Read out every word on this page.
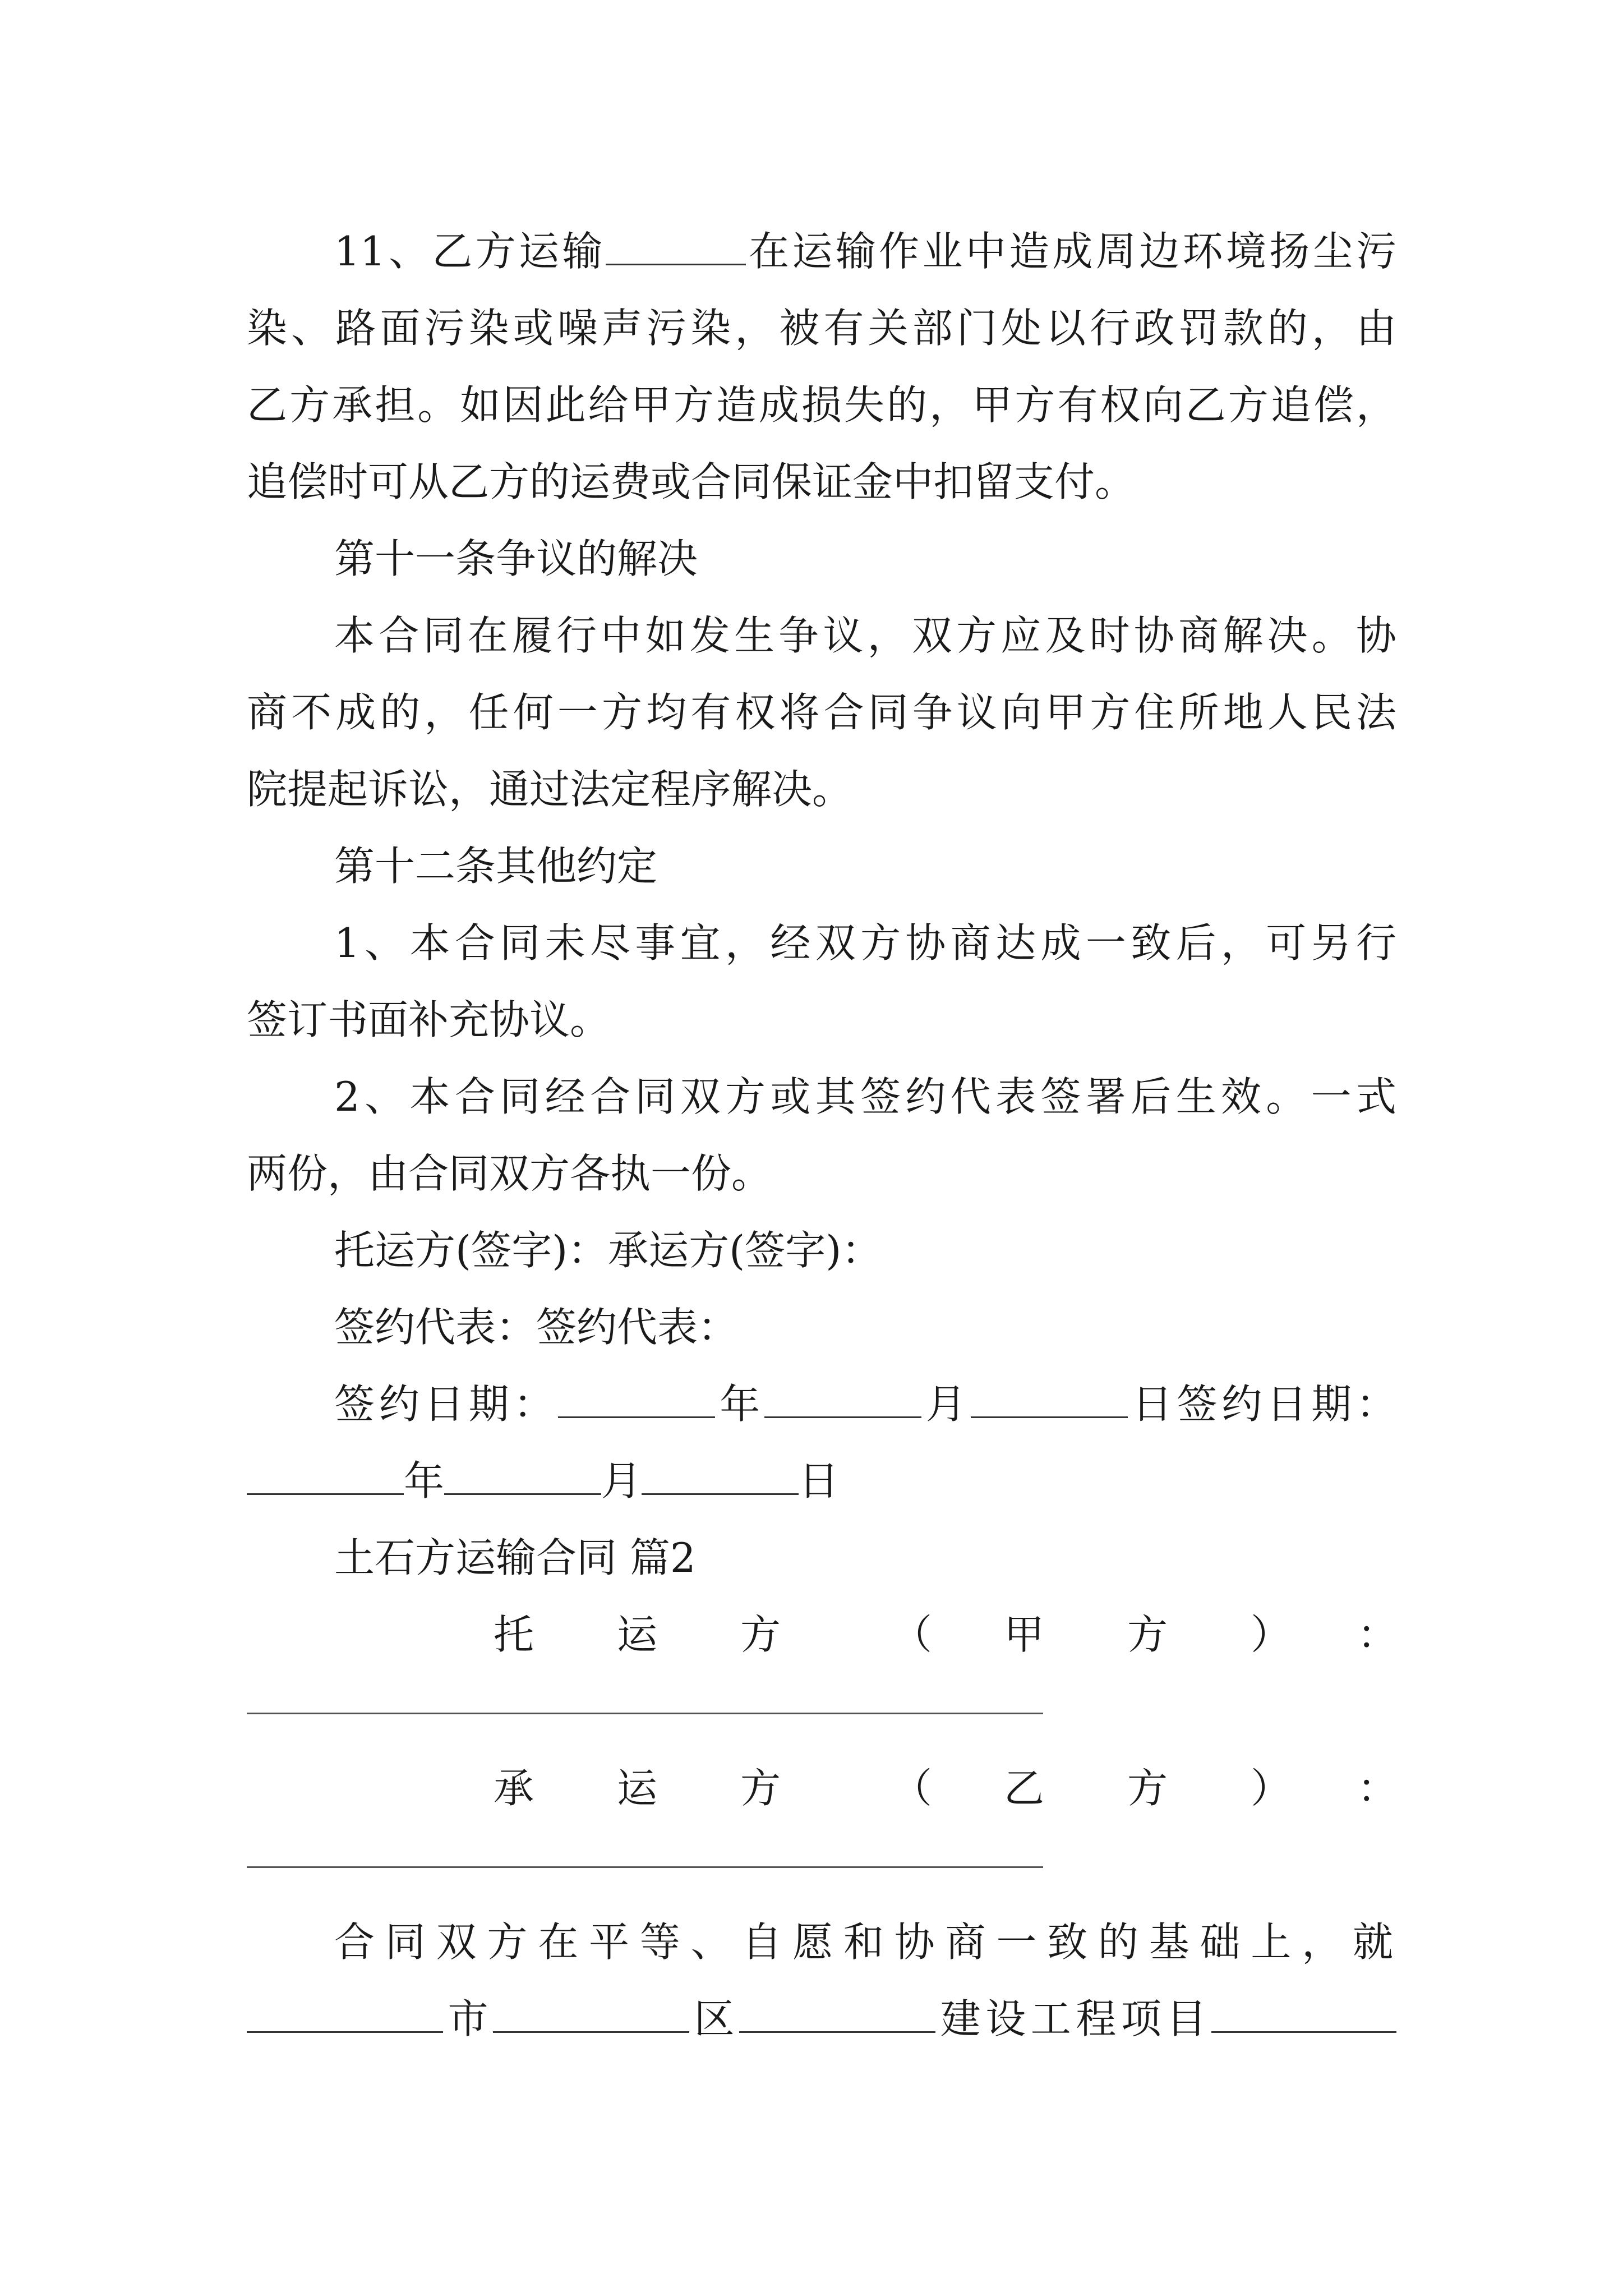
11、乙方运输	在运输作业中造成周边环境扬尘污
染、路面污染或噪声污染，被有关部门处以行政罚款的，由
乙方承担。如因此给甲方造成损失的，甲方有权向乙方追偿，
追偿时可从乙方的运费或合同保证金中扣留支付。
第十一条争议的解决
本合同在履行中如发生争议，双方应及时协商解决。协
商不成的，任何一方均有权将合同争议向甲方住所地人民法
院提起诉讼，通过法定程序解决。
第十二条其他约定
1、本合同未尽事宜，经双方协商达成一致后，可另行
签订书面补充协议。
2、本合同经合同双方或其签约代表签署后生效。一式
两份，由合同双方各执一份。
托运方(签字)：承运方(签字)：
签约代表：签约代表：
签约日期：	年	月	日签约日期：
年	月	日
土石方运输合同 篇2
托 运 方	（ 甲 方 ） ：
承 运 方	（ 乙 方 ） ：
合同双方在平等、自愿和协商一致的基础上，就
市	区	建设工程项目
